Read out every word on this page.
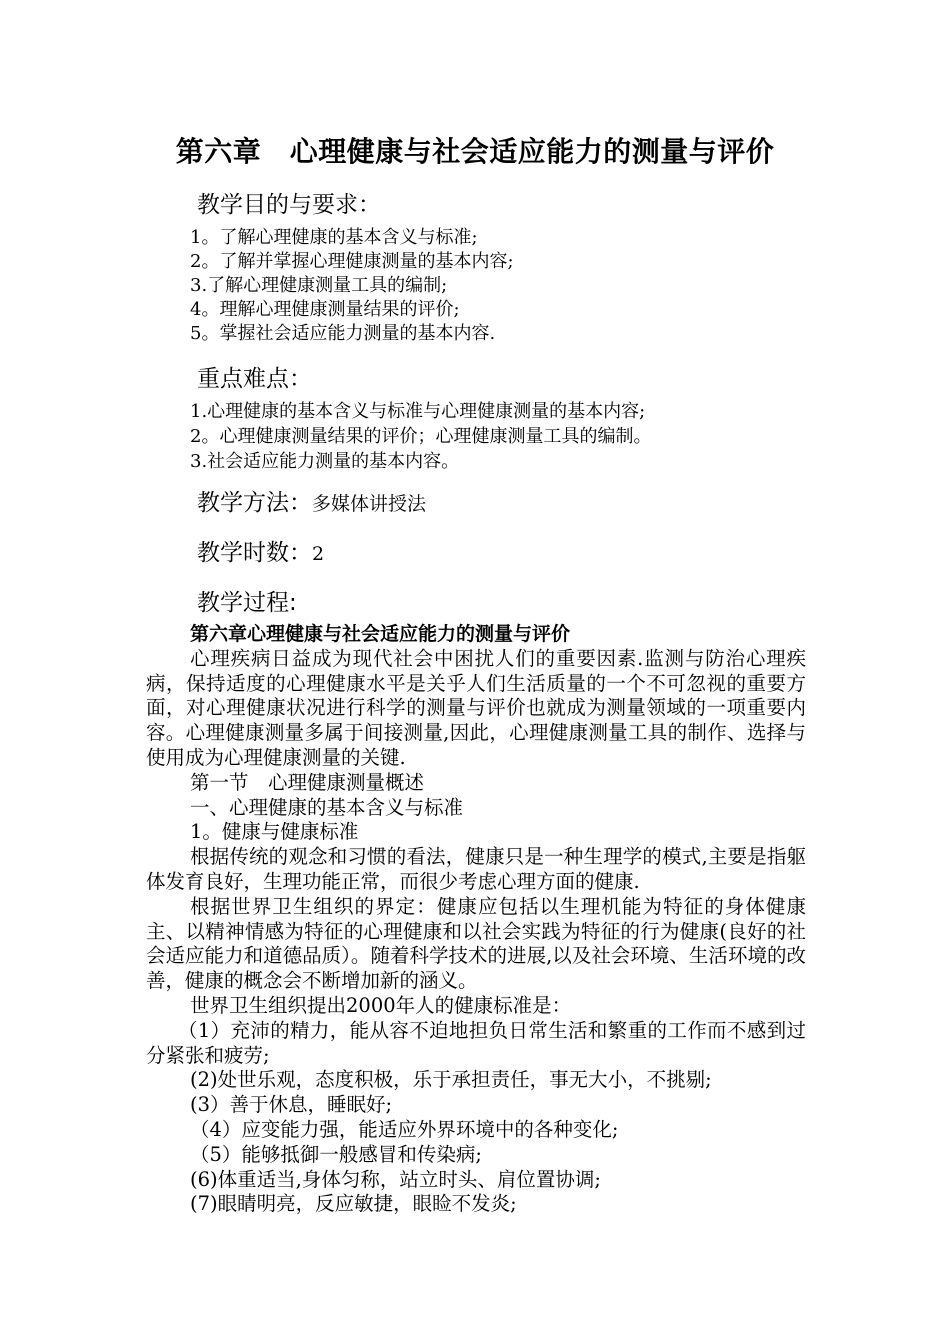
第六章　心理健康与社会适应能力的测量与评价
教学目的与要求：
1。了解心理健康的基本含义与标准;
2。了解并掌握心理健康测量的基本内容;
3.了解心理健康测量工具的编制;
4。理解心理健康测量结果的评价;
5。掌握社会适应能力测量的基本内容.
重点难点：
1.心理健康的基本含义与标准与心理健康测量的基本内容;
2。心理健康测量结果的评价；心理健康测量工具的编制。
3.社会适应能力测量的基本内容。
教学方法：多媒体讲授法
教学时数：2
教学过程:

第六章心理健康与社会适应能力的测量与评价

心理疾病日益成为现代社会中困扰人们的重要因素.监测与防治心理疾病，保持适度的心理健康水平是关乎人们生活质量的一个不可忽视的重要方面，对心理健康状况进行科学的测量与评价也就成为测量领域的一项重要内容。心理健康测量多属于间接测量,因此，心理健康测量工具的制作、选择与使用成为心理健康测量的关键.

第一节　心理健康测量概述

一、心理健康的基本含义与标准

1。健康与健康标准

根据传统的观念和习惯的看法，健康只是一种生理学的模式,主要是指躯体发育良好，生理功能正常，而很少考虑心理方面的健康.

根据世界卫生组织的界定：健康应包括以生理机能为特征的身体健康主、以精神情感为特征的心理健康和以社会实践为特征的行为健康(良好的社会适应能力和道德品质）。随着科学技术的进展,以及社会环境、生活环境的改善，健康的概念会不断增加新的涵义。

世界卫生组织提出2000年人的健康标准是：

（1）充沛的精力，能从容不迫地担负日常生活和繁重的工作而不感到过分紧张和疲劳;

(2)处世乐观，态度积极，乐于承担责任，事无大小，不挑剔;

(3）善于休息，睡眠好;

（4）应变能力强，能适应外界环境中的各种变化;

（5）能够抵御一般感冒和传染病;

(6)体重适当,身体匀称，站立时头、肩位置协调;

(7)眼睛明亮，反应敏捷，眼睑不发炎;
